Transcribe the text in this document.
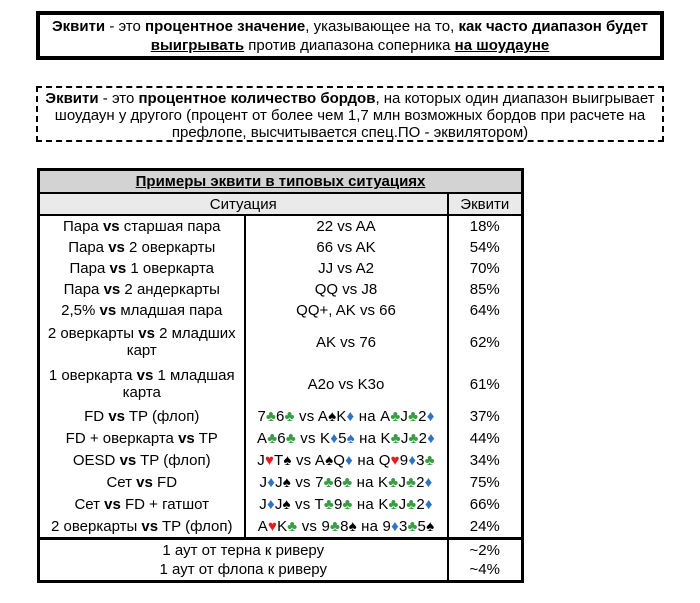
Эквити - это процентное значение, указывающее на то, как часто диапазон будет
выигрывать против диапазона соперника на шоудауне

Эквити - это процентное количество бордов, на которых один диапазон выигрывает
шоудаун у другого (процент от более чем 1,7 млн возможных бордов при расчете на
префлопе, высчитывается спец.ПО - эквилятором)

Примеры эквити в типовых ситуациях		
Ситуация		Эквити
Пара vs старшая пара	22 vs AA	18%
Пара vs 2 оверкарты	66 vs AK	54%
Пара vs 1 оверкарта	JJ vs A2	70%
Пара vs 2 андеркарты	QQ vs J8	85%
2,5% vs младшая пара	QQ+, AK vs 66	64%
2 оверкарты vs 2 младших карт	AK vs 76	62%
1 оверкарта vs 1 младшая карта	A2o vs K3o	61%
FD vs TP (флоп)	7♣6♣ vs A♠K♦ на A♣J♣2♦	37%
FD + оверкарта vs TP	A♣6♣ vs K♦5♠ на K♣J♣2♦	44%
OESD vs TP (флоп)	J♥T♠ vs A♠Q♦ на Q♥9♦3♣	34%
Сет vs FD	J♦J♠ vs 7♣6♣ на K♣J♣2♦	75%
Сет vs FD + гатшот	J♦J♠ vs T♣9♣ на K♣J♣2♦	66%
2 оверкарты vs TP (флоп)	A♥K♣ vs 9♣8♠ на 9♦3♣5♠	24%
1 аут от терна к риверу		~2%
1 аут от флопа к риверу		~4%
